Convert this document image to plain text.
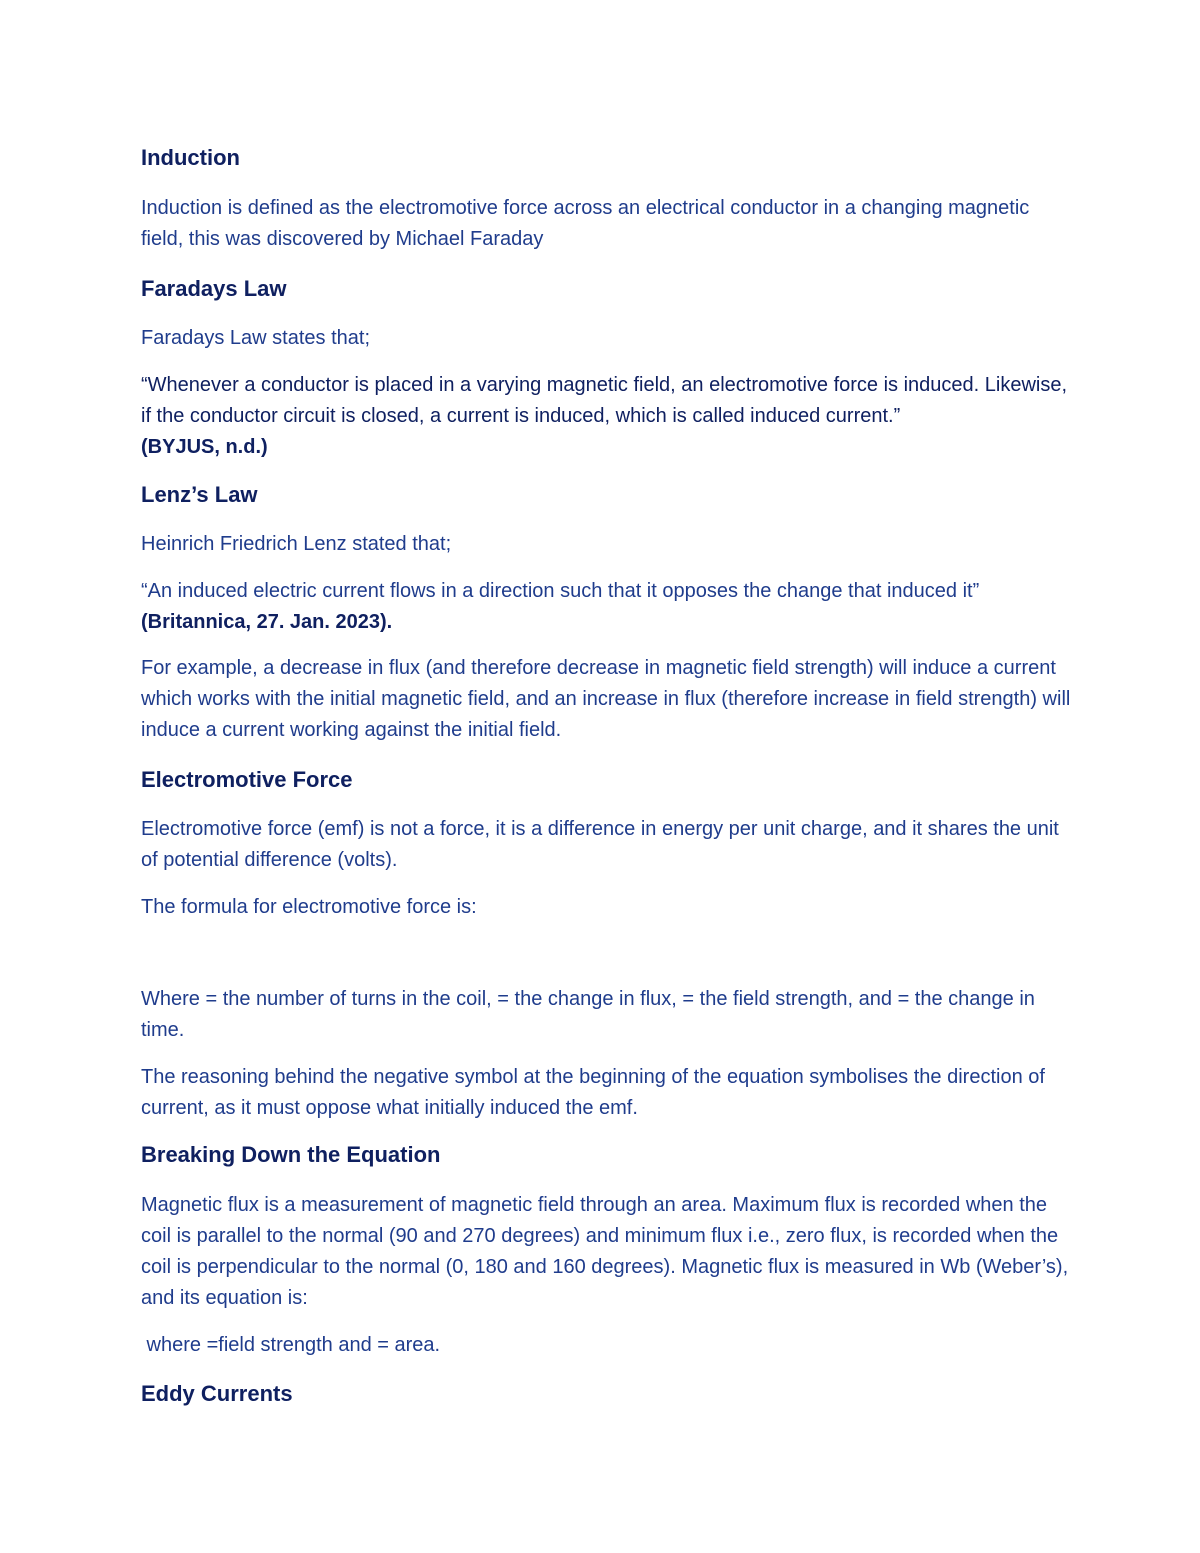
Induction

Induction is defined as the electromotive force across an electrical conductor in a changing magnetic field, this was discovered by Michael Faraday

Faradays Law

Faradays Law states that;

“Whenever a conductor is placed in a varying magnetic field, an electromotive force is induced. Likewise, if the conductor circuit is closed, a current is induced, which is called induced current.”
(BYJUS, n.d.)

Lenz’s Law

Heinrich Friedrich Lenz stated that;

“An induced electric current flows in a direction such that it opposes the change that induced it”
(Britannica, 27. Jan. 2023).

For example, a decrease in flux (and therefore decrease in magnetic field strength) will induce a current which works with the initial magnetic field, and an increase in flux (therefore increase in field strength) will induce a current working against the initial field.

Electromotive Force

Electromotive force (emf) is not a force, it is a difference in energy per unit charge, and it shares the unit of potential difference (volts).

The formula for electromotive force is:

Where = the number of turns in the coil, = the change in flux, = the field strength, and = the change in time.

The reasoning behind the negative symbol at the beginning of the equation symbolises the direction of current, as it must oppose what initially induced the emf.

Breaking Down the Equation

Magnetic flux is a measurement of magnetic field through an area. Maximum flux is recorded when the coil is parallel to the normal (90 and 270 degrees) and minimum flux i.e., zero flux, is recorded when the coil is perpendicular to the normal (0, 180 and 160 degrees). Magnetic flux is measured in Wb (Weber’s), and its equation is:

where =field strength and = area.

Eddy Currents
